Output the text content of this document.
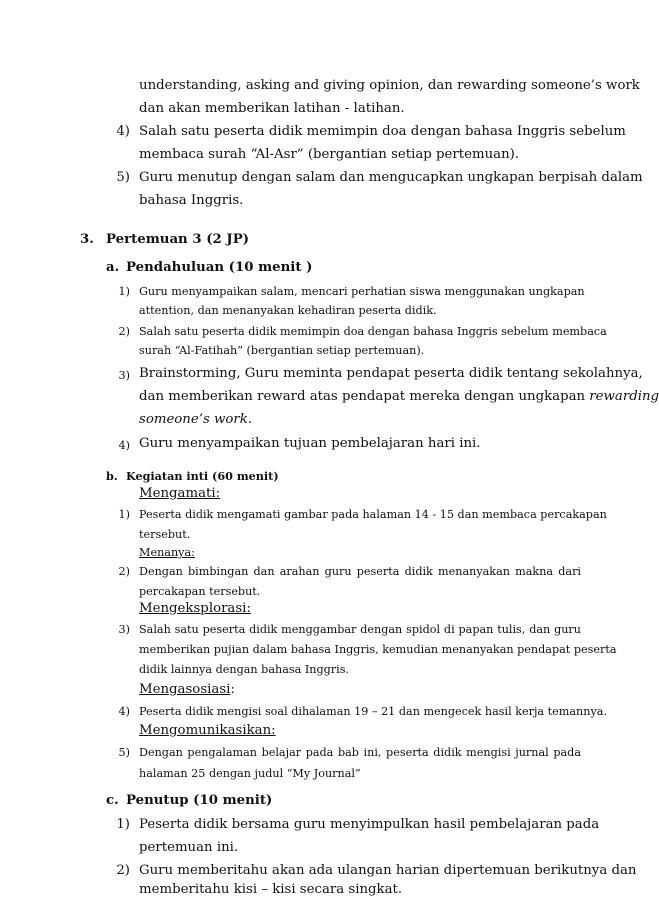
understanding, asking and giving opinion, dan rewarding someone’s work
dan akan memberikan latihan - latihan.
4) Salah satu peserta didik memimpin doa dengan bahasa Inggris sebelum
membaca surah “Al-Asr” (bergantian setiap pertemuan).
5) Guru menutup dengan salam dan mengucapkan ungkapan berpisah dalam
bahasa Inggris.
3. Pertemuan 3 (2 JP)
a. Pendahuluan (10 menit )
1) Guru menyampaikan salam, mencari perhatian siswa menggunakan ungkapan
attention, dan menanyakan kehadiran peserta didik.
2) Salah satu peserta didik memimpin doa dengan bahasa Inggris sebelum membaca
surah “Al-Fatihah” (bergantian setiap pertemuan).
3) Brainstorming, Guru meminta pendapat peserta didik tentang sekolahnya,
dan memberikan reward atas pendapat mereka dengan ungkapan rewarding
someone’s work.
4) Guru menyampaikan tujuan pembelajaran hari ini.
b. Kegiatan inti (60 menit)
Mengamati:
1) Peserta didik mengamati gambar pada halaman 14 - 15 dan membaca percakapan
tersebut.
Menanya:
2) Dengan bimbingan dan arahan guru peserta didik menanyakan makna dari
percakapan tersebut.
Mengeksplorasi:
3) Salah satu peserta didik menggambar dengan spidol di papan tulis, dan guru
memberikan pujian dalam bahasa Inggris, kemudian menanyakan pendapat peserta
didik lainnya dengan bahasa Inggris.
Mengasosiasi:
4) Peserta didik mengisi soal dihalaman 19 – 21 dan mengecek hasil kerja temannya.
Mengomunikasikan:
5) Dengan pengalaman belajar pada bab ini, peserta didik mengisi jurnal pada
halaman 25 dengan judul “My Journal”
c. Penutup (10 menit)
1) Peserta didik bersama guru menyimpulkan hasil pembelajaran pada
pertemuan ini.
2) Guru memberitahu akan ada ulangan harian dipertemuan berikutnya dan
memberitahu kisi – kisi secara singkat.
